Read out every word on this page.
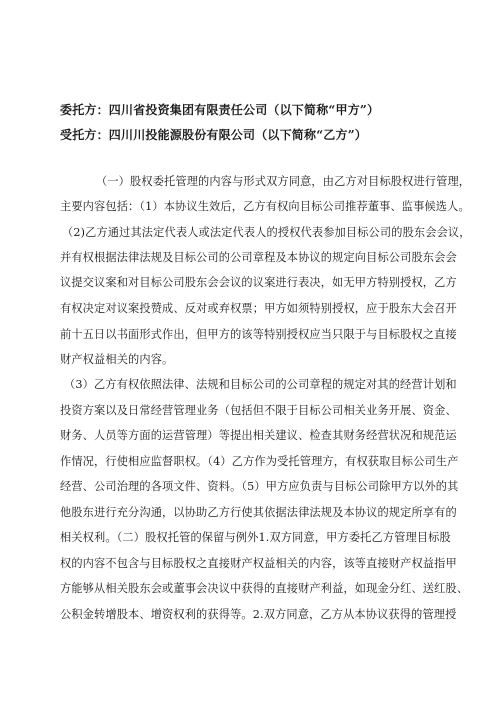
委托方：四川省投资集团有限责任公司（以下简称“甲方”）
受托方：四川川投能源股份有限公司（以下简称“乙方”）
（一）股权委托管理的内容与形式双方同意，由乙方对目标股权进行管理，
主要内容包括：（1）本协议生效后，乙方有权向目标公司推荐董事、监事候选人。
（2)乙方通过其法定代表人或法定代表人的授权代表参加目标公司的股东会会议，
并有权根据法律法规及目标公司的公司章程及本协议的规定向目标公司股东会会
议提交议案和对目标公司股东会会议的议案进行表决，如无甲方特别授权，乙方
有权决定对议案投赞成、反对或弃权票；甲方如须特别授权，应于股东大会召开
前十五日以书面形式作出，但甲方的该等特别授权应当只限于与目标股权之直接
财产权益相关的内容。
（3）乙方有权依照法律、法规和目标公司的公司章程的规定对其的经营计划和
投资方案以及日常经营管理业务（包括但不限于目标公司相关业务开展、资金、
财务、人员等方面的运营管理）等提出相关建议、检查其财务经营状况和规范运
作情况，行使相应监督职权。（4）乙方作为受托管理方，有权获取目标公司生产
经营、公司治理的各项文件、资料。（5）甲方应负责与目标公司除甲方以外的其
他股东进行充分沟通，以协助乙方行使其依据法律法规及本协议的规定所享有的
相关权利。（二）股权托管的保留与例外1.双方同意，甲方委托乙方管理目标股
权的内容不包含与目标股权之直接财产权益相关的内容，该等直接财产权益指甲
方能够从相关股东会或董事会决议中获得的直接财产利益，如现金分红、送红股、
公积金转增股本、增资权利的获得等。2.双方同意，乙方从本协议获得的管理授
